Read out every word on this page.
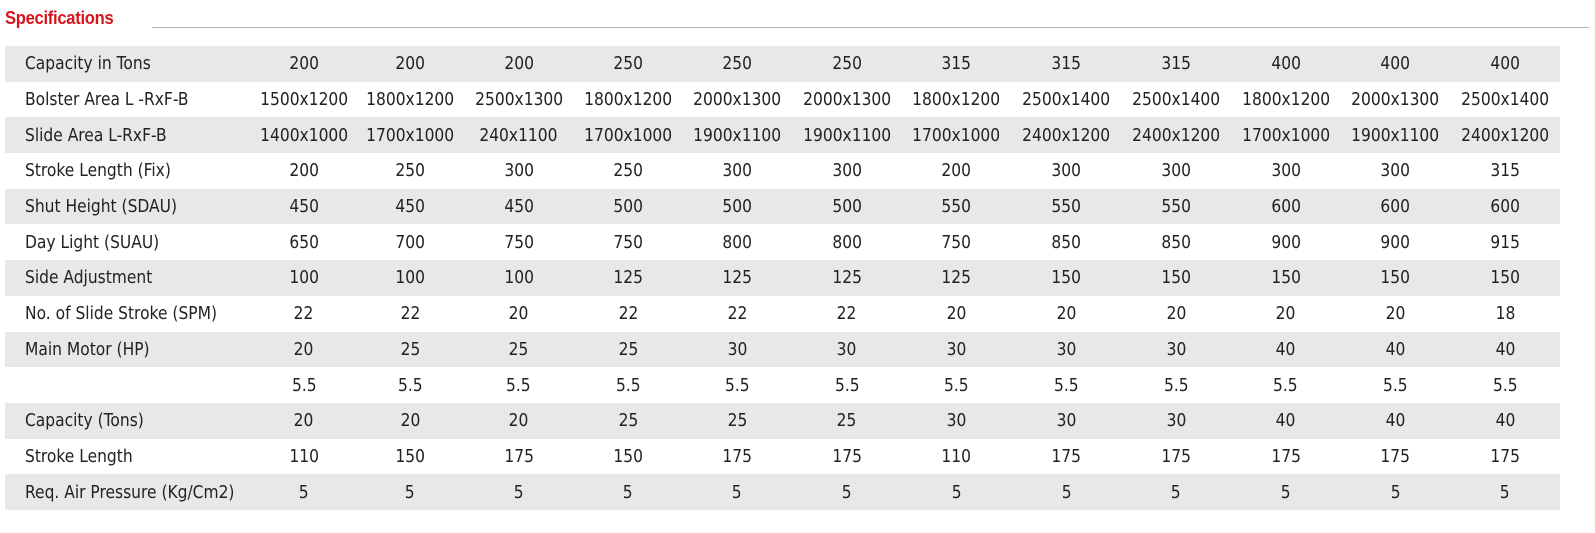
Specifications
Capacity in Tons	200	200	200	250	250	250	315	315	315	400	400	400
Bolster Area L -RxF-B	1500x1200	1800x1200	2500x1300	1800x1200	2000x1300	2000x1300	1800x1200	2500x1400	2500x1400	1800x1200	2000x1300	2500x1400
Slide Area L-RxF-B	1400x1000	1700x1000	240x1100	1700x1000	1900x1100	1900x1100	1700x1000	2400x1200	2400x1200	1700x1000	1900x1100	2400x1200
Stroke Length (Fix)	200	250	300	250	300	300	200	300	300	300	300	315
Shut Height (SDAU)	450	450	450	500	500	500	550	550	550	600	600	600
Day Light (SUAU)	650	700	750	750	800	800	750	850	850	900	900	915
Side Adjustment	100	100	100	125	125	125	125	150	150	150	150	150
No. of Slide Stroke (SPM)	22	22	20	22	22	22	20	20	20	20	20	18
Main Motor (HP)	20	25	25	25	30	30	30	30	30	40	40	40
	5.5	5.5	5.5	5.5	5.5	5.5	5.5	5.5	5.5	5.5	5.5	5.5
Capacity (Tons)	20	20	20	25	25	25	30	30	30	40	40	40
Stroke Length	110	150	175	150	175	175	110	175	175	175	175	175
Req. Air Pressure (Kg/Cm2)	5	5	5	5	5	5	5	5	5	5	5	5
